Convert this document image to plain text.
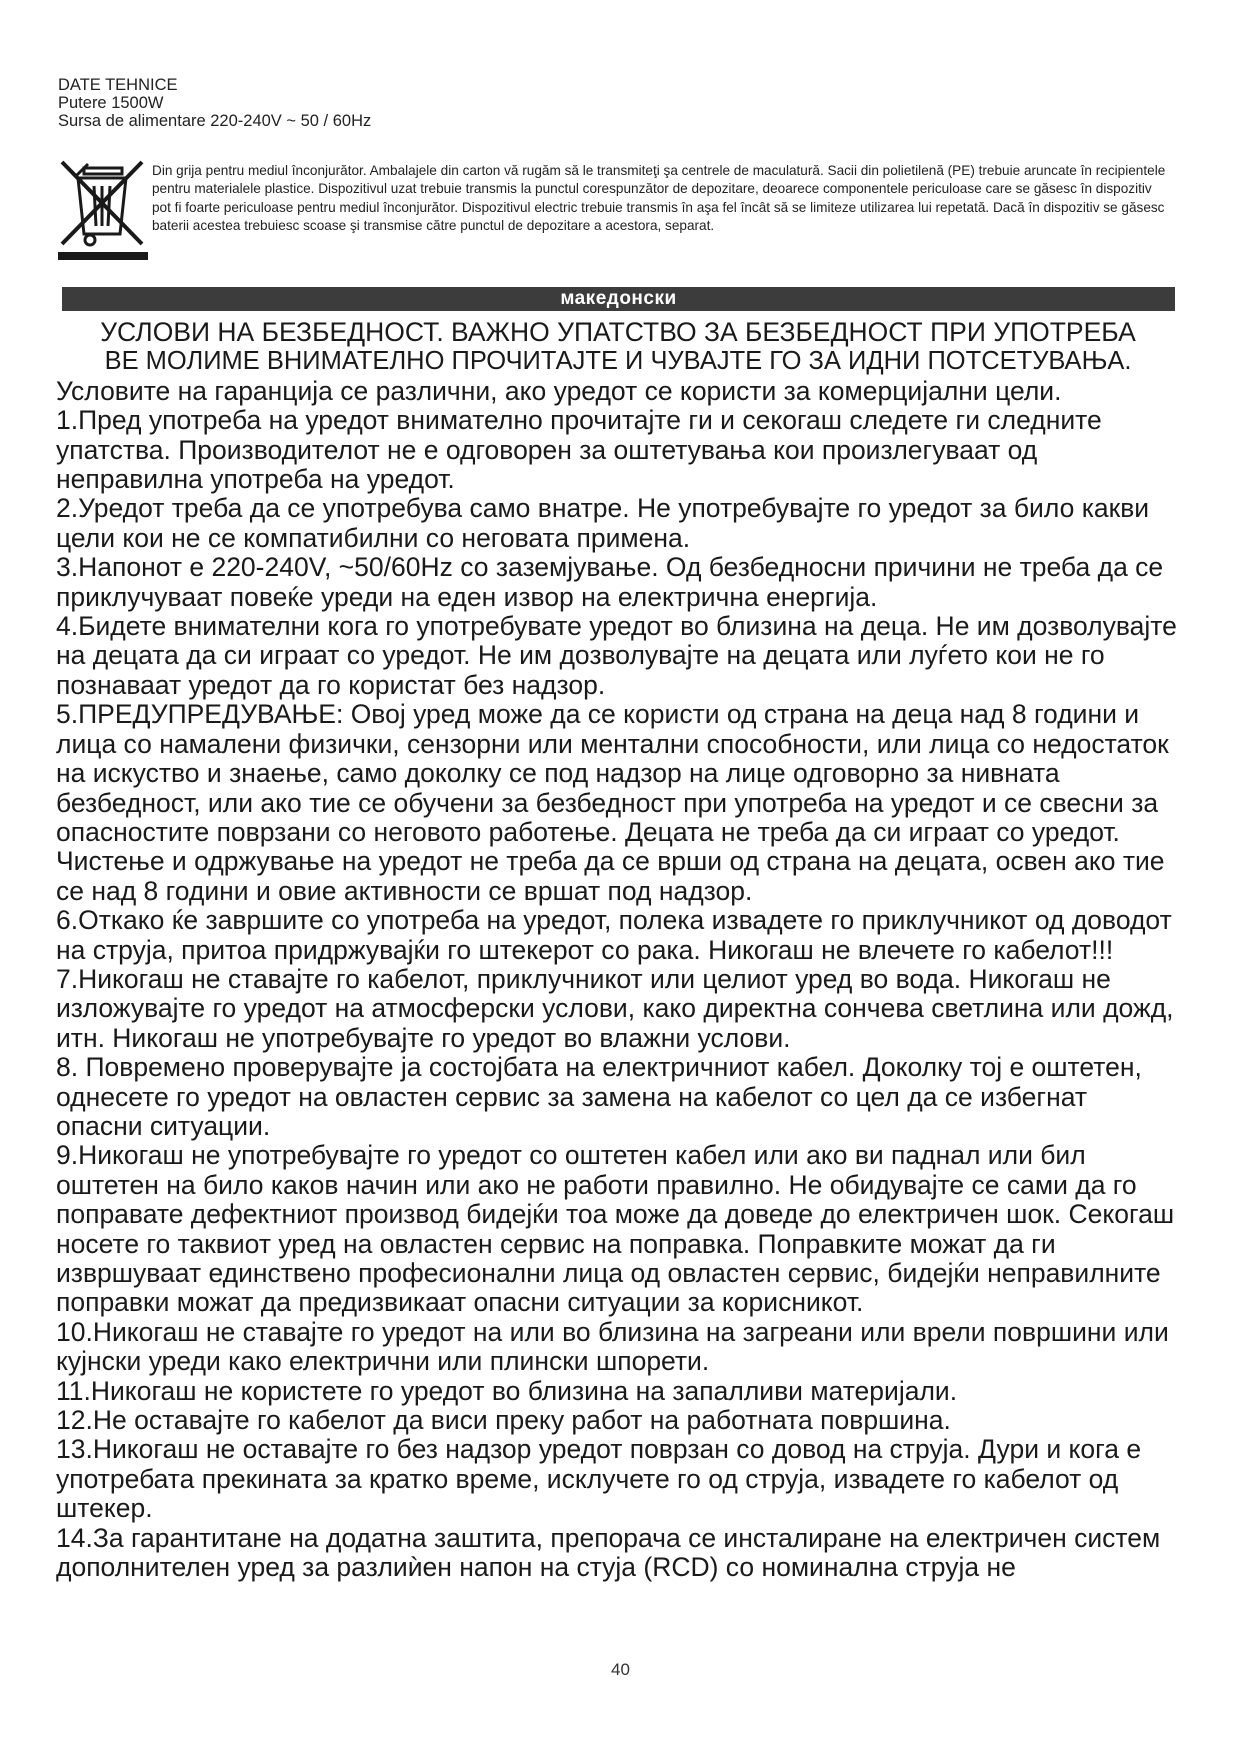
DATE TEHNICE
Putere 1500W
Sursa de alimentare 220-240V ~ 50 / 60Hz
Din grija pentru mediul înconjurător. Ambalajele din carton vă rugăm să le transmiteţi şa centrele de maculatură. Sacii din polietilenă (PE) trebuie aruncate în recipientele pentru materialele plastice. Dispozitivul uzat trebuie transmis la punctul corespunzător de depozitare, deoarece componentele periculoase care se găsesc în dispozitiv pot fi foarte periculoase pentru mediul înconjurător. Dispozitivul electric trebuie transmis în aşa fel încât să se limiteze utilizarea lui repetată. Dacă în dispozitiv se găsesc baterii acestea trebuiesc scoase şi transmise către punctul de depozitare a acestora, separat.
македонски
УСЛОВИ НА БЕЗБЕДНОСТ. ВАЖНО УПАТСТВО ЗА БЕЗБЕДНОСТ ПРИ УПОТРЕБА
ВЕ МОЛИМЕ ВНИМАТЕЛНО ПРОЧИТАЈТЕ И ЧУВАЈТЕ ГО ЗА ИДНИ ПОТСЕТУВАЊА.

Условите на гаранција се различни, ако уредот се користи за комерцијални цели.

1.Пред употреба на уредот внимателно прочитајте ги и секогаш следете ги следните упатства. Производителот не е одговорен за оштетувања кои произлегуваат од неправилна употреба на уредот.

2.Уредот треба да се употребува само внатре. Не употребувајте го уредот за било какви цели кои не се компатибилни со неговата примена.

3.Напонот е 220-240V, ~50/60Hz со заземјување. Од безбедносни причини не треба да се приклучуваат повеќе уреди на еден извор на електрична енергија.

4.Бидете внимателни кога го употребувате уредот во близина на деца. Не им дозволувајте на децата да си играат со уредот. Не им дозволувајте на децата или луѓето кои не го познаваат уредот да го користат без надзор.

5.ПРЕДУПРЕДУВАЊЕ: Овој уред може да се користи од страна на деца над 8 години и лица со намалени физички, сензорни или ментални способности, или лица со недостаток на искуство и знаење, само доколку се под надзор на лице одговорно за нивната безбедност, или ако тие се обучени за безбедност при употреба на уредот и се свесни за опасностите поврзани со неговото работење. Децата не треба да си играат со уредот. Чистење и одржување на уредот не треба да се врши од страна на децата, освен ако тие се над 8 години и овие активности се вршат под надзор.

6.Откако ќе завршите со употреба на уредот, полека извадете го приклучникот од доводот на струја, притоа придржувајќи го штекерот со рака. Никогаш не влечете го кабелот!!!

7.Никогаш не ставајте го кабелот, приклучникот или целиот уред во вода. Никогаш не изложувајте го уредот на атмосферски услови, како директна сончева светлина или дожд, итн. Никогаш не употребувајте го уредот во влажни услови.

8. Повремено проверувајте ја состојбата на електричниот кабел. Доколку тој е оштетен, однесете го уредот на овластен сервис за замена на кабелот со цел да се избегнат опасни ситуации.

9.Никогаш не употребувајте го уредот со оштетен кабел или ако ви паднал или бил оштетен на било каков начин или ако не работи правилно. Не обидувајте се сами да го поправате дефектниот производ бидејќи тоа може да доведе до електричен шок. Секогаш носете го таквиот уред на овластен сервис на поправка. Поправките можат да ги извршуваат единствено професионални лица од овластен сервис, бидејќи неправилните поправки можат да предизвикаат опасни ситуации за корисникот.

10.Никогаш не ставајте го уредот на или во близина на загреани или врели површини или кујнски уреди како електрични или плински шпорети.

11.Никогаш не користете го уредот во близина на запалливи материјали.

12.Не оставајте го кабелот да виси преку работ на работната површина.

13.Никогаш не оставајте го без надзор уредот поврзан со довод на струја. Дури и кога е употребата прекината за кратко време, исклучете го од струја, извадете го кабелот од штекер.

14.За гарантитане на додатна заштита, препорача се инсталиране на електричен систем дополнителен уред за разлиѝен напон на стуја (RCD) со номинална струја не

40
